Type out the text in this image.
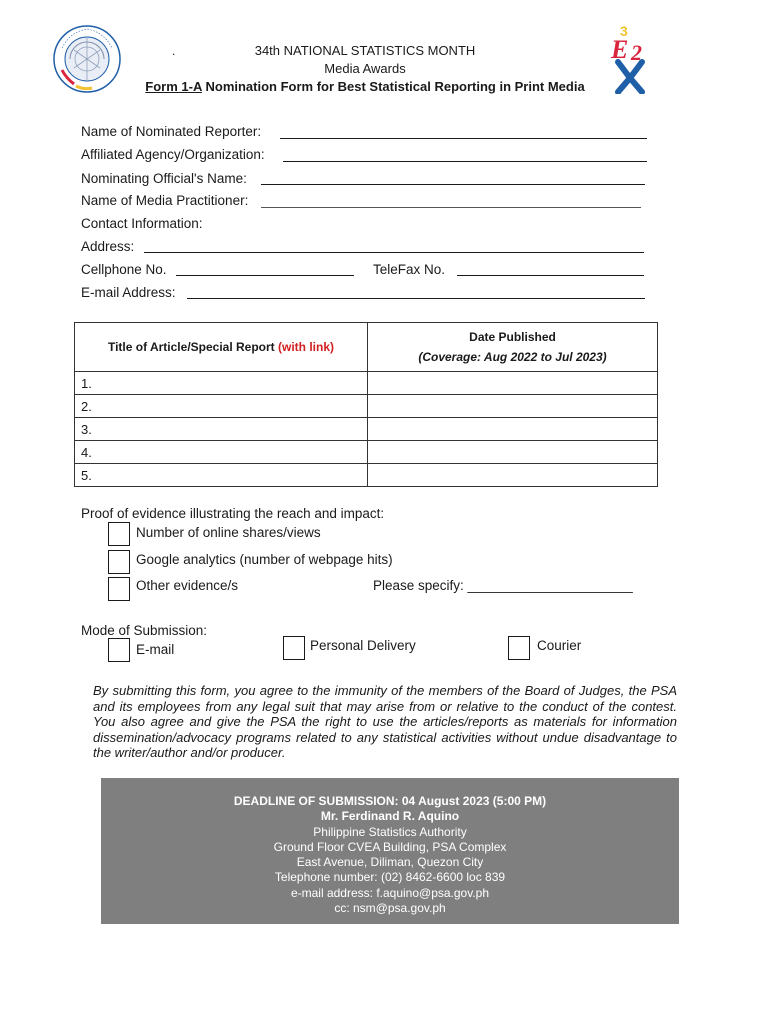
3
E 2
.	34th NATIONAL STATISTICS MONTH
Media Awards
Form 1-A Nomination Form for Best Statistical Reporting in Print Media
Name of Nominated Reporter:
Affiliated Agency/Organization:
Nominating Official's Name:
Name of Media Practitioner:
Contact Information:
Address:
Cellphone No.	TeleFax No.
E-mail Address:
Title of Article/Special Report (with link)	Date Published
(Coverage: Aug 2022 to Jul 2023)

1.	
2.	
3.	
4.	
5.	
Proof of evidence illustrating the reach and impact:
Number of online shares/views
Google analytics (number of webpage hits)
Other evidence/s	Please specify: ______________________
Mode of Submission:
E-mail	Personal Delivery	Courier
By submitting this form, you agree to the immunity of the members of the Board of Judges, the PSA and its employees from any legal suit that may arise from or relative to the conduct of the contest. You also agree and give the PSA the right to use the articles/reports as materials for information dissemination/advocacy programs related to any statistical activities without undue disadvantage to the writer/author and/or producer.
DEADLINE OF SUBMISSION: 04 August 2023 (5:00 PM)
Mr. Ferdinand R. Aquino
Philippine Statistics Authority
Ground Floor CVEA Building, PSA Complex
East Avenue, Diliman, Quezon City
Telephone number: (02) 8462-6600 loc 839
e-mail address: f.aquino@psa.gov.ph
cc: nsm@psa.gov.ph
